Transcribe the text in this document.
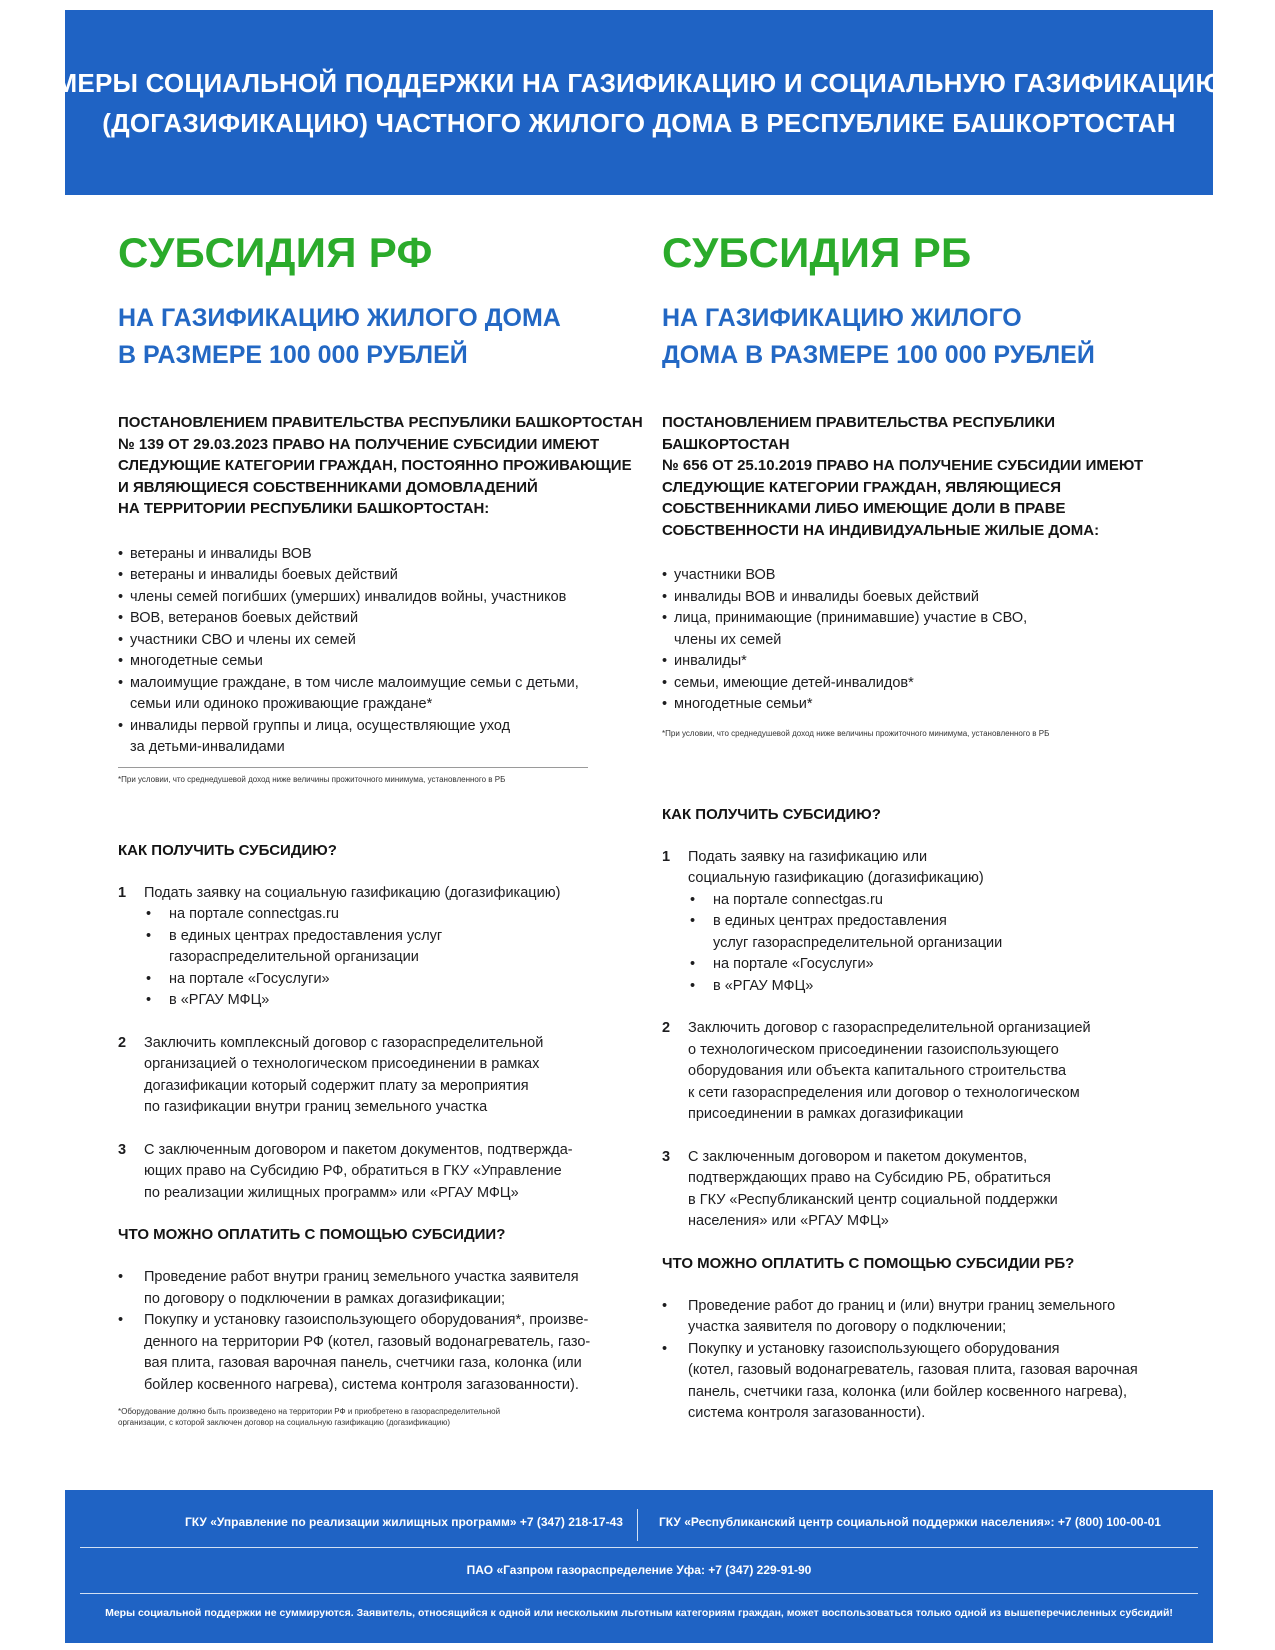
МЕРЫ СОЦИАЛЬНОЙ ПОДДЕРЖКИ НА ГАЗИФИКАЦИЮ И СОЦИАЛЬНУЮ ГАЗИФИКАЦИЮ
(ДОГАЗИФИКАЦИЮ) ЧАСТНОГО ЖИЛОГО ДОМА В РЕСПУБЛИКЕ БАШКОРТОСТАН
СУБСИДИЯ РФ
НА ГАЗИФИКАЦИЮ ЖИЛОГО ДОМА
В РАЗМЕРЕ 100 000 РУБЛЕЙ
ПОСТАНОВЛЕНИЕМ ПРАВИТЕЛЬСТВА РЕСПУБЛИКИ БАШКОРТОСТАН
№ 139 ОТ 29.03.2023 ПРАВО НА ПОЛУЧЕНИЕ СУБСИДИИ ИМЕЮТ
СЛЕДУЮЩИЕ КАТЕГОРИИ ГРАЖДАН, ПОСТОЯННО ПРОЖИВАЮЩИЕ
И ЯВЛЯЮЩИЕСЯ СОБСТВЕННИКАМИ ДОМОВЛАДЕНИЙ
НА ТЕРРИТОРИИ РЕСПУБЛИКИ БАШКОРТОСТАН:
• ветераны и инвалиды ВОВ
• ветераны и инвалиды боевых действий
• члены семей погибших (умерших) инвалидов войны, участников
• ВОВ, ветеранов боевых действий
• участники СВО и члены их семей
• многодетные семьи
• малоимущие граждане, в том числе малоимущие семьи с детьми,
семьи или одиноко проживающие граждане*
• инвалиды первой группы и лица, осуществляющие уход
за детьми-инвалидами
*При условии, что среднедушевой доход ниже величины прожиточного минимума, установленного в РБ
КАК ПОЛУЧИТЬ СУБСИДИЮ?
1 Подать заявку на социальную газификацию (догазификацию)
• на портале connectgas.ru
• в единых центрах предоставления услуг
газораспределительной организации
• на портале «Госуслуги»
• в «РГАУ МФЦ»
2 Заключить комплексный договор с газораспределительной
организацией о технологическом присоединении в рамках
догазификации который содержит плату за мероприятия
по газификации внутри границ земельного участка
3 С заключенным договором и пакетом документов, подтвержда-
ющих право на Субсидию РФ, обратиться в ГКУ «Управление
по реализации жилищных программ» или «РГАУ МФЦ»
ЧТО МОЖНО ОПЛАТИТЬ С ПОМОЩЬЮ СУБСИДИИ?
• Проведение работ внутри границ земельного участка заявителя
по договору о подключении в рамках догазификации;
• Покупку и установку газоиспользующего оборудования*, произве-
денного на территории РФ (котел, газовый водонагреватель, газо-
вая плита, газовая варочная панель, счетчики газа, колонка (или
бойлер косвенного нагрева), система контроля загазованности).
*Оборудование должно быть произведено на территории РФ и приобретено в газораспределительной
организации, с которой заключен договор на социальную газификацию (догазификацию)
СУБСИДИЯ РБ
НА ГАЗИФИКАЦИЮ ЖИЛОГО
ДОМА В РАЗМЕРЕ 100 000 РУБЛЕЙ
ПОСТАНОВЛЕНИЕМ ПРАВИТЕЛЬСТВА РЕСПУБЛИКИ БАШКОРТОСТАН
№ 656 ОТ 25.10.2019 ПРАВО НА ПОЛУЧЕНИЕ СУБСИДИИ ИМЕЮТ
СЛЕДУЮЩИЕ КАТЕГОРИИ ГРАЖДАН, ЯВЛЯЮЩИЕСЯ
СОБСТВЕННИКАМИ ЛИБО ИМЕЮЩИЕ ДОЛИ В ПРАВЕ
СОБСТВЕННОСТИ НА ИНДИВИДУАЛЬНЫЕ ЖИЛЫЕ ДОМА:
• участники ВОВ
• инвалиды ВОВ и инвалиды боевых действий
• лица, принимающие (принимавшие) участие в СВО,
члены их семей
• инвалиды*
• семьи, имеющие детей-инвалидов*
• многодетные семьи*
*При условии, что среднедушевой доход ниже величины прожиточного минимума, установленного в РБ
КАК ПОЛУЧИТЬ СУБСИДИЮ?
1 Подать заявку на газификацию или
социальную газификацию (догазификацию)
• на портале connectgas.ru
• в единых центрах предоставления
услуг газораспределительной организации
• на портале «Госуслуги»
• в «РГАУ МФЦ»
2 Заключить договор с газораспределительной организацией
о технологическом присоединении газоиспользующего
оборудования или объекта капитального строительства
к сети газораспределения или договор о технологическом
присоединении в рамках догазификации
3 С заключенным договором и пакетом документов,
подтверждающих право на Субсидию РБ, обратиться
в ГКУ «Республиканский центр социальной поддержки
населения» или «РГАУ МФЦ»
ЧТО МОЖНО ОПЛАТИТЬ С ПОМОЩЬЮ СУБСИДИИ РБ?
• Проведение работ до границ и (или) внутри границ земельного
участка заявителя по договору о подключении;
• Покупку и установку газоиспользующего оборудования
(котел, газовый водонагреватель, газовая плита, газовая варочная
панель, счетчики газа, колонка (или бойлер косвенного нагрева),
система контроля загазованности).
ГКУ «Управление по реализации жилищных программ» +7 (347) 218-17-43	ГКУ «Республиканский центр социальной поддержки населения»: +7 (800) 100-00-01
ПАО «Газпром газораспределение Уфа: +7 (347) 229-91-90
Меры социальной поддержки не суммируются. Заявитель, относящийся к одной или нескольким льготным категориям граждан, может воспользоваться только одной из вышеперечисленных субсидий!
